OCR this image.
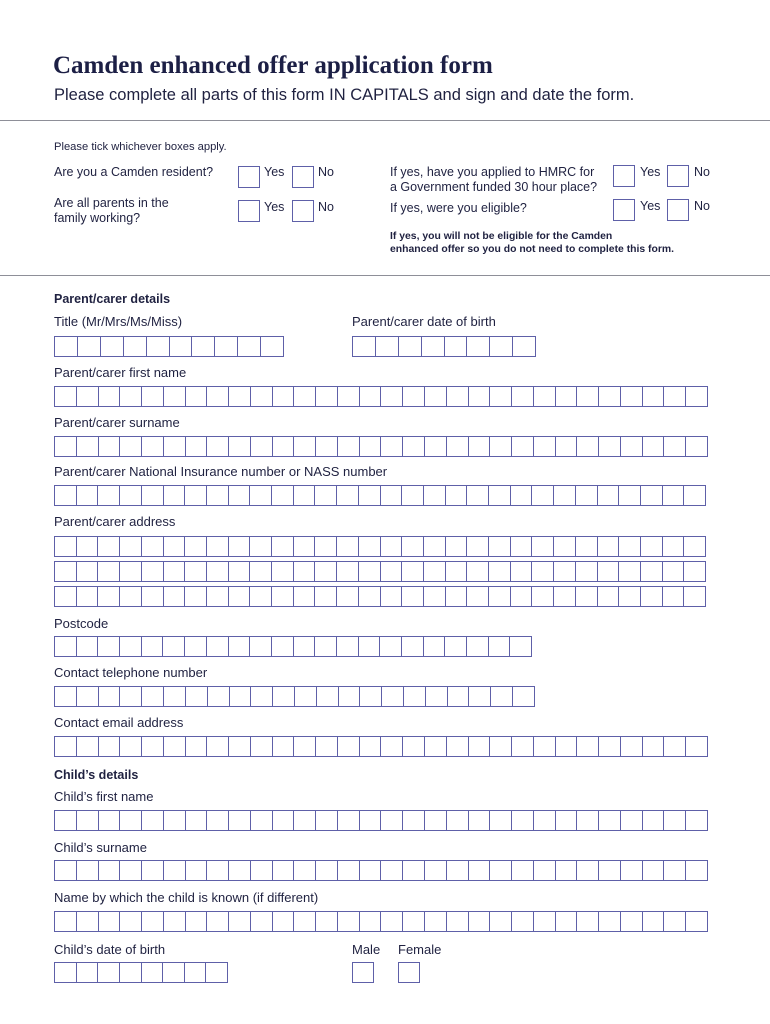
Camden enhanced offer application form
Please complete all parts of this form IN CAPITALS and sign and date the form.
Please tick whichever boxes apply.
Are you a Camden resident?	Yes	No
Are all parents in the
family working?
Yes	No
If yes, have you applied to HMRC for
a Government funded 30 hour place?
Yes	No
If yes, were you eligible?	Yes	No
If yes, you will not be eligible for the Camden
enhanced offer so you do not need to complete this form.
Parent/carer details
Title (Mr/Mrs/Ms/Miss)	Parent/carer date of birth
Parent/carer first name
Parent/carer surname
Parent/carer National Insurance number or NASS number
Parent/carer address
Postcode
Contact telephone number
Contact email address
Child’s details
Child’s first name
Child’s surname
Name by which the child is known (if different)
Child’s date of birth	Male Female
